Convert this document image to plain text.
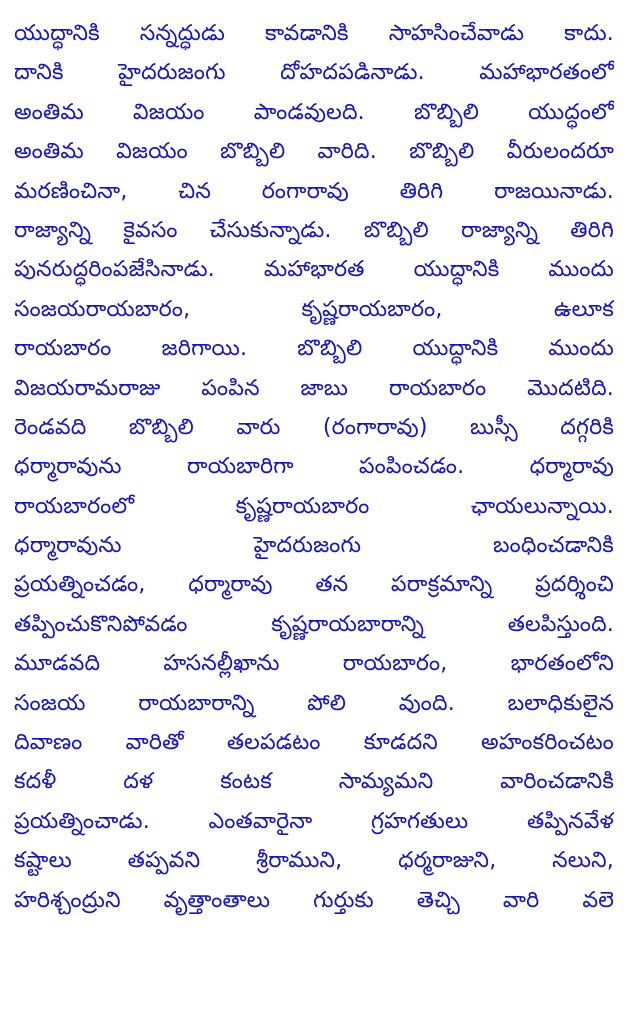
యుద్ధానికి సన్నద్ధుడు కావడానికి సాహసించేవాడు కాదు.
దానికి హైదరుజంగు దోహదపడినాడు. మహాభారతంలో
అంతిమ విజయం పాండవులది. బొబ్బిలి యుద్ధంలో
అంతిమ విజయం బొబ్బిలి వారిది. బొబ్బిలి వీరులందరూ
మరణించినా, చిన రంగారావు తిరిగి రాజయినాడు.
రాజ్యాన్ని కైవసం చేసుకున్నాడు. బొబ్బిలి రాజ్యాన్ని తిరిగి
పునరుద్ధరింపజేసినాడు. మహాభారత యుద్ధానికి ముందు
సంజయరాయబారం, కృష్ణరాయబారం, ఉలూక
రాయబారం జరిగాయి. బొబ్బిలి యుద్ధానికి ముందు
విజయరామరాజు పంపిన జాబు రాయబారం మొదటిది.
రెండవది బొబ్బిలి వారు (రంగారావు) బుస్సీ దగ్గరికి
ధర్మారావును రాయబారిగా పంపించడం. ధర్మారావు
రాయబారంలో కృష్ణరాయబారం ఛాయలున్నాయి.
ధర్మారావును హైదరుజంగు బంధించడానికి
ప్రయత్నించడం, ధర్మారావు తన పరాక్రమాన్ని ప్రదర్శించి
తప్పించుకొనిపోవడం కృష్ణరాయబారాన్ని తలపిస్తుంది.
మూడవది హసనల్లీఖాను రాయబారం, భారతంలోని
సంజయ రాయబారాన్ని పోలి వుంది. బలాధికులైన
దివాణం వారితో తలపడటం కూడదని అహంకరించటం
కదళీ దళ కంటక సామ్యమని వారించడానికి
ప్రయత్నించాడు. ఎంతవారైనా గ్రహగతులు తప్పినవేళ
కష్టాలు తప్పవని శ్రీరాముని, ధర్మరాజుని, నలుని,
హరిశ్చంద్రుని వృత్తాంతాలు గుర్తుకు తెచ్చి వారి వలె
